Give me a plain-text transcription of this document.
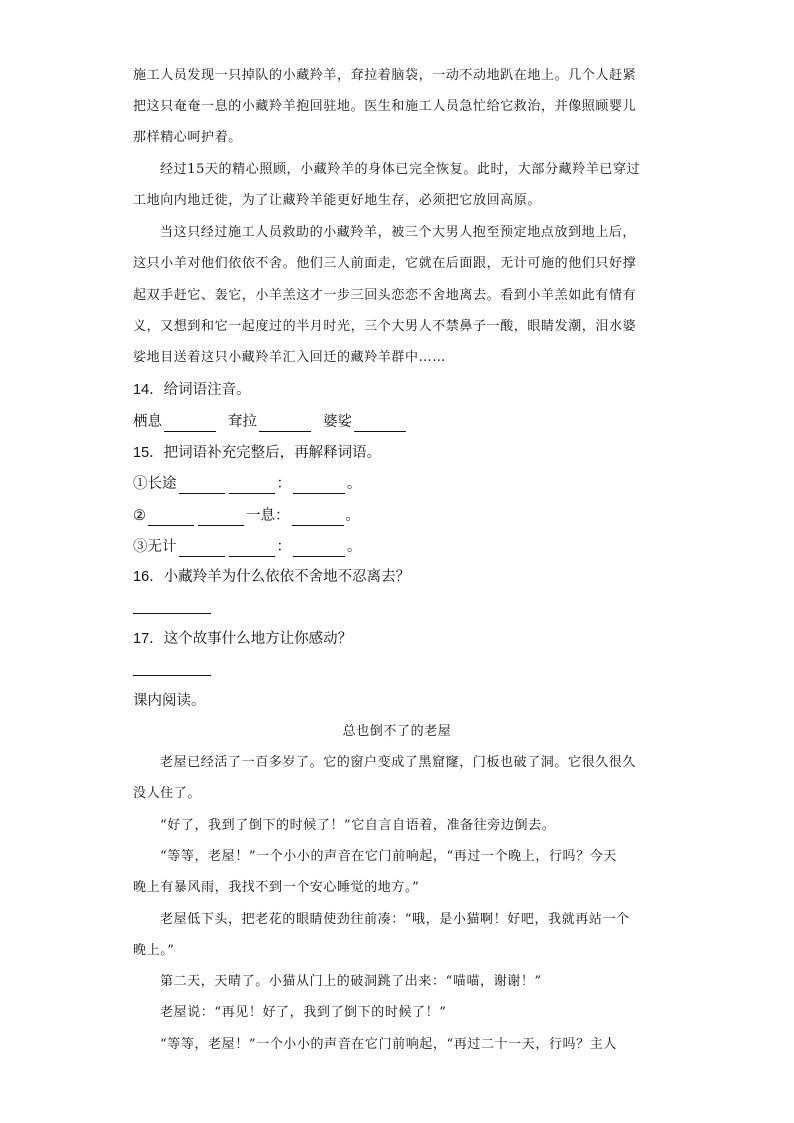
施工人员发现一只掉队的小藏羚羊，耷拉着脑袋，一动不动地趴在地上。几个人赶紧
把这只奄奄一息的小藏羚羊抱回驻地。医生和施工人员急忙给它救治，并像照顾婴儿
那样精心呵护着。
经过15天的精心照顾，小藏羚羊的身体已完全恢复。此时，大部分藏羚羊已穿过
工地向内地迁徙，为了让藏羚羊能更好地生存，必须把它放回高原。
当这只经过施工人员救助的小藏羚羊，被三个大男人抱至预定地点放到地上后，
这只小羊对他们依依不舍。他们三人前面走，它就在后面跟，无计可施的他们只好撑
起双手赶它、轰它，小羊羔这才一步三回头恋恋不舍地离去。看到小羊羔如此有情有
义，又想到和它一起度过的半月时光，三个大男人不禁鼻子一酸，眼睛发潮，泪水婆
娑地目送着这只小藏羚羊汇入回迁的藏羚羊群中……
14．给词语注音。
栖息	耷拉	婆娑
15．把词语补充完整后，再解释词语。
①长途	：	。
②	一息：	。
③无计	：	。
16．小藏羚羊为什么依依不舍地不忍离去？
17．这个故事什么地方让你感动？
课内阅读。
总也倒不了的老屋
老屋已经活了一百多岁了。它的窗户变成了黑窟窿，门板也破了洞。它很久很久
没人住了。
“好了，我到了倒下的时候了！”它自言自语着，准备往旁边倒去。
“等等，老屋！”一个小小的声音在它门前响起，“再过一个晚上，行吗？今天
晚上有暴风雨，我找不到一个安心睡觉的地方。”
老屋低下头，把老花的眼睛使劲往前凑：“哦，是小猫啊！好吧，我就再站一个
晚上。”
第二天，天晴了。小猫从门上的破洞跳了出来：“喵喵，谢谢！”
老屋说：“再见！好了，我到了倒下的时候了！”
“等等，老屋！”一个小小的声音在它门前响起，“再过二十一天，行吗？主人
